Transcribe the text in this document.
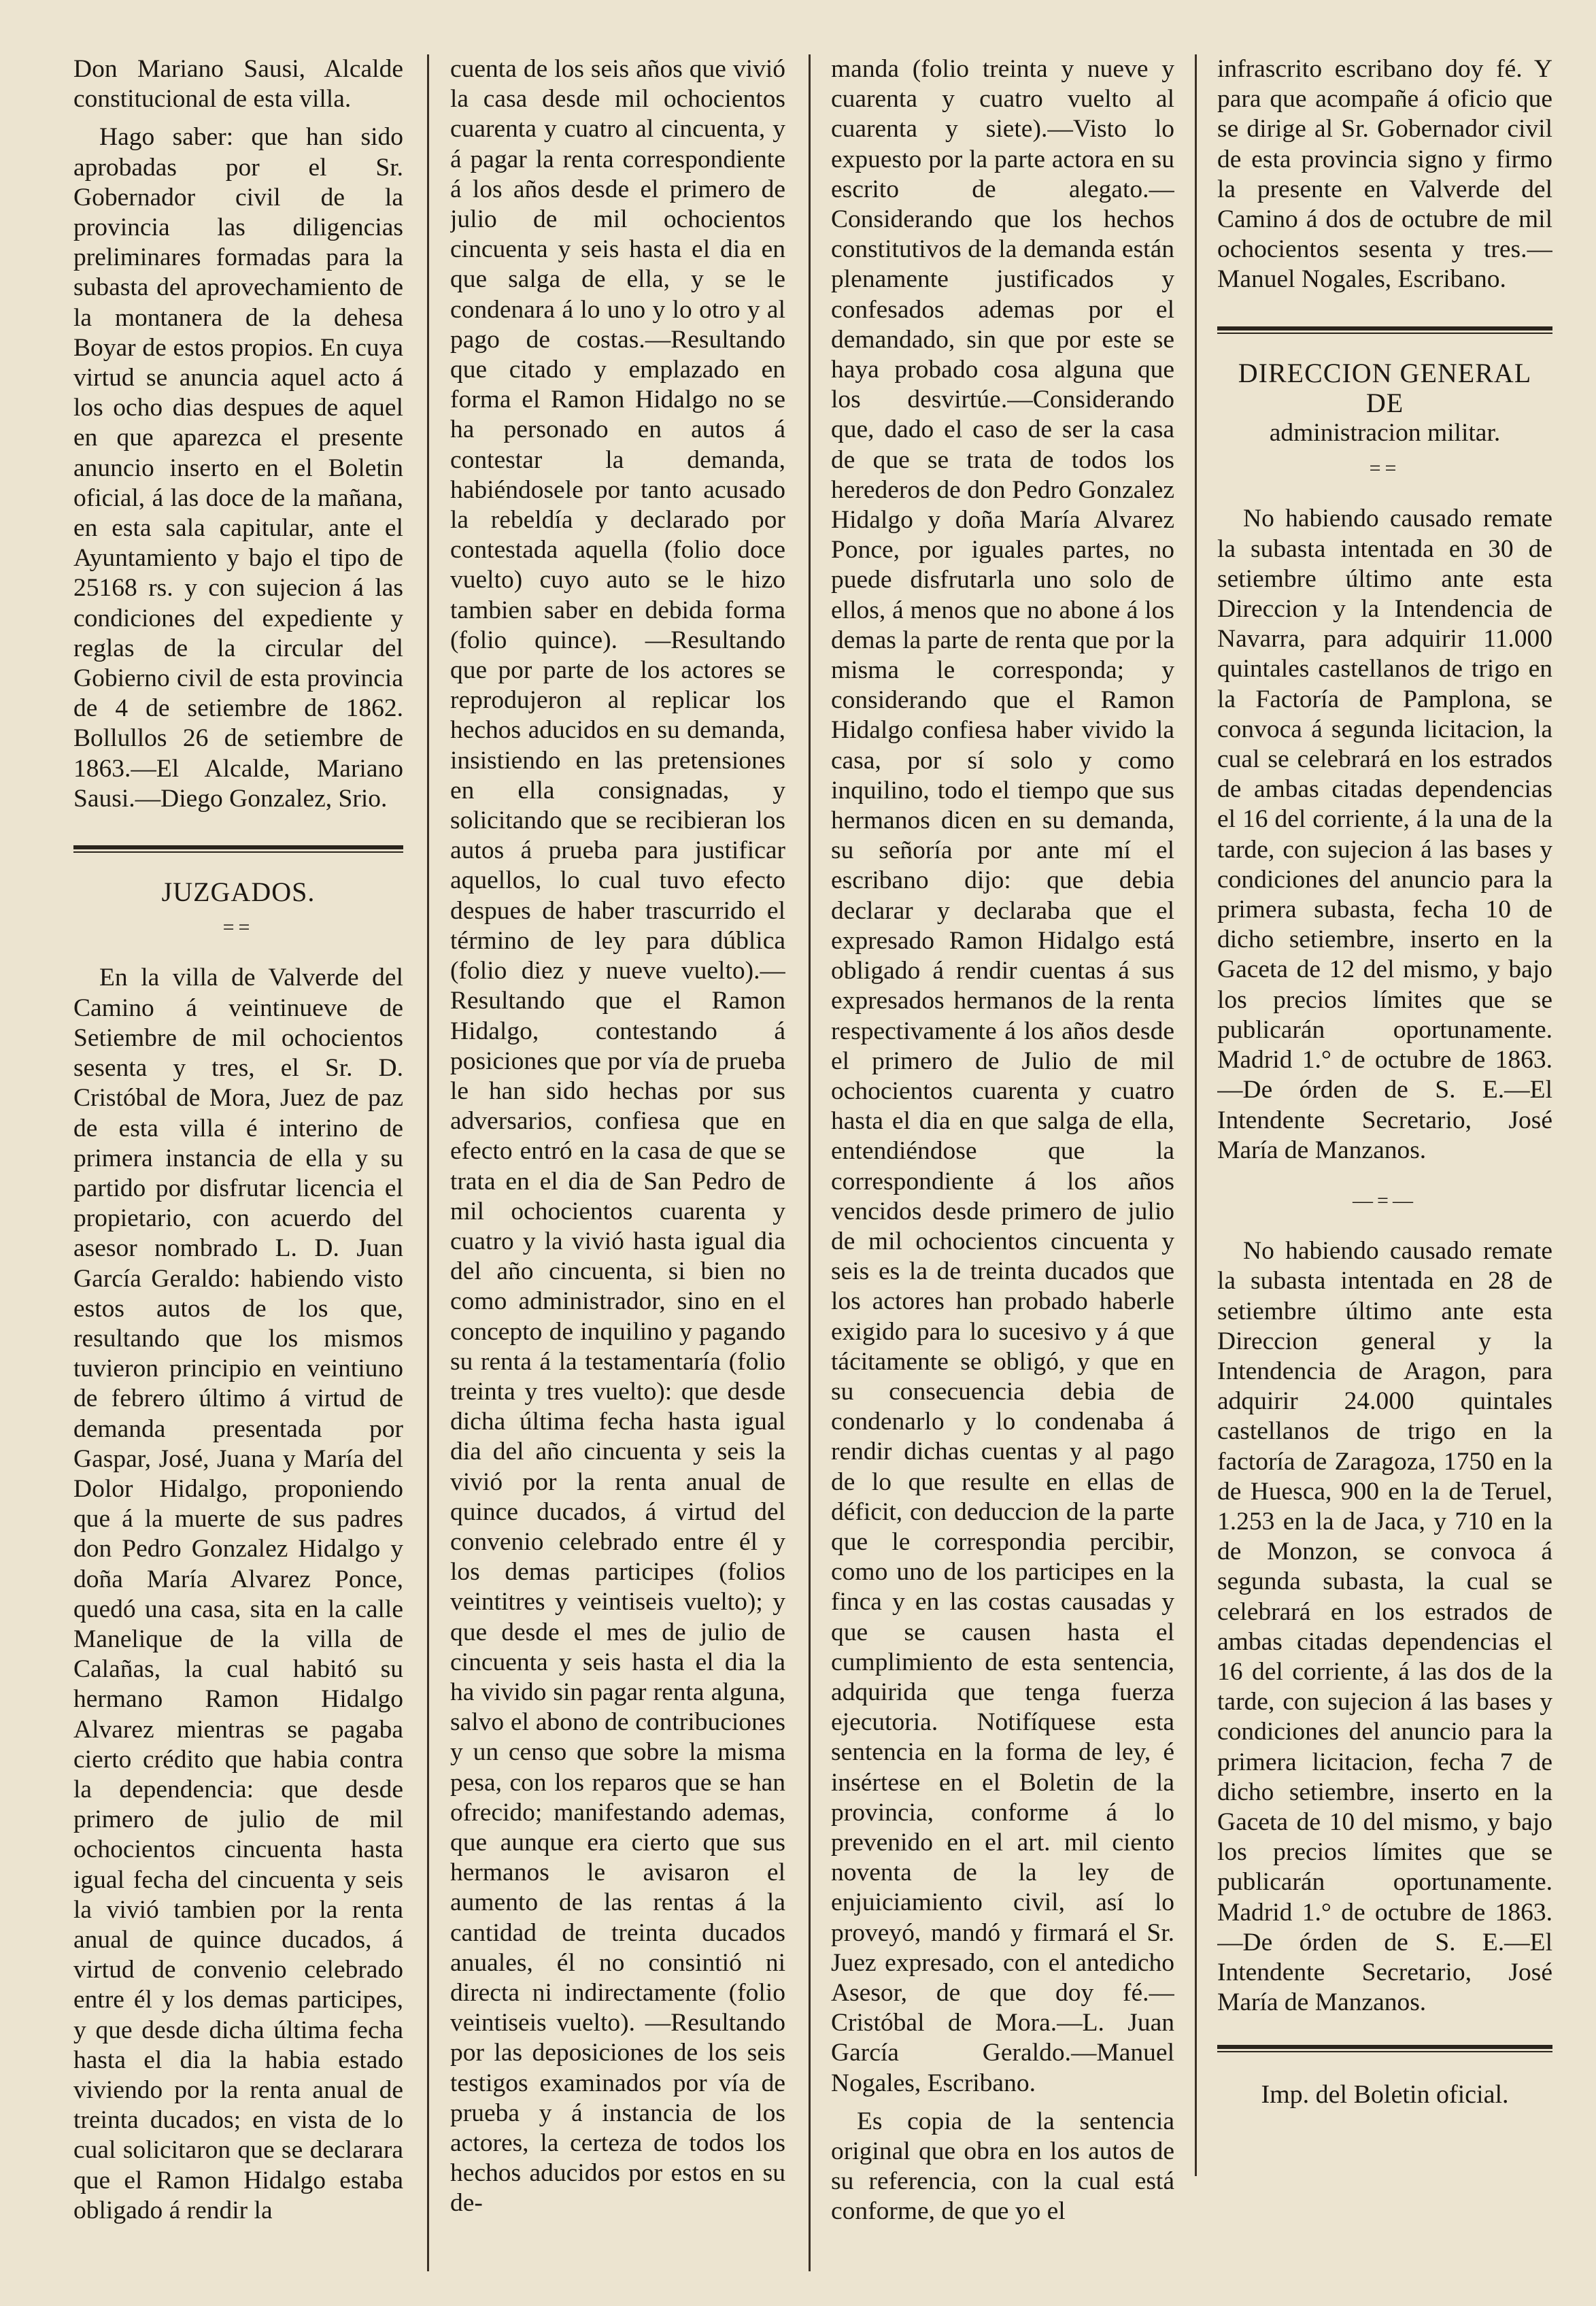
Don Mariano Sausi, Alcalde constitucional de esta villa.

Hago saber: que han sido aprobadas por el Sr. Gobernador civil de la provincia las diligencias preliminares formadas para la subasta del aprovechamiento de la montanera de la dehesa Boyar de estos propios. En cuya virtud se anuncia aquel acto á los ocho dias despues de aquel en que aparezca el presente anuncio inserto en el Boletin oficial, á las doce de la mañana, en esta sala capitular, ante el Ayuntamiento y bajo el tipo de 25168 rs. y con sujecion á las condiciones del expediente y reglas de la circular del Gobierno civil de esta provincia de 4 de setiembre de 1862. Bollullos 26 de setiembre de 1863.—El Alcalde, Mariano Sausi.—Diego Gonzalez, Srio.

JUZGADOS.
==

En la villa de Valverde del Camino á veintinueve de Setiembre de mil ochocientos sesenta y tres, el Sr. D. Cristóbal de Mora, Juez de paz de esta villa é interino de primera instancia de ella y su partido por disfrutar licencia el propietario, con acuerdo del asesor nombrado L. D. Juan García Geraldo: habiendo visto estos autos de los que, resultando que los mismos tuvieron principio en veintiuno de febrero último á virtud de demanda presentada por Gaspar, José, Juana y María del Dolor Hidalgo, proponiendo que á la muerte de sus padres don Pedro Gonzalez Hidalgo y doña María Alvarez Ponce, quedó una casa, sita en la calle Manelique de la villa de Calañas, la cual habitó su hermano Ramon Hidalgo Alvarez mientras se pagaba cierto crédito que habia contra la dependencia: que desde primero de julio de mil ochocientos cincuenta hasta igual fecha del cincuenta y seis la vivió tambien por la renta anual de quince ducados, á virtud de convenio celebrado entre él y los demas participes, y que desde dicha última fecha hasta el dia la habia estado viviendo por la renta anual de treinta ducados; en vista de lo cual solicitaron que se declarara que el Ramon Hidalgo estaba obligado á rendir la

cuenta de los seis años que vivió la casa desde mil ochocientos cuarenta y cuatro al cincuenta, y á pagar la renta correspondiente á los años desde el primero de julio de mil ochocientos cincuenta y seis hasta el dia en que salga de ella, y se le condenara á lo uno y lo otro y al pago de costas.—Resultando que citado y emplazado en forma el Ramon Hidalgo no se ha personado en autos á contestar la demanda, habiéndosele por tanto acusado la rebeldía y declarado por contestada aquella (folio doce vuelto) cuyo auto se le hizo tambien saber en debida forma (folio quince). —Resultando que por parte de los actores se reprodujeron al replicar los hechos aducidos en su demanda, insistiendo en las pretensiones en ella consignadas, y solicitando que se recibieran los autos á prueba para justificar aquellos, lo cual tuvo efecto despues de haber trascurrido el término de ley para dública (folio diez y nueve vuelto).—Resultando que el Ramon Hidalgo, contestando á posiciones que por vía de prueba le han sido hechas por sus adversarios, confiesa que en efecto entró en la casa de que se trata en el dia de San Pedro de mil ochocientos cuarenta y cuatro y la vivió hasta igual dia del año cincuenta, si bien no como administrador, sino en el concepto de inquilino y pagando su renta á la testamentaría (folio treinta y tres vuelto): que desde dicha última fecha hasta igual dia del año cincuenta y seis la vivió por la renta anual de quince ducados, á virtud del convenio celebrado entre él y los demas participes (folios veintitres y veintiseis vuelto); y que desde el mes de julio de cincuenta y seis hasta el dia la ha vivido sin pagar renta alguna, salvo el abono de contribuciones y un censo que sobre la misma pesa, con los reparos que se han ofrecido; manifestando ademas, que aunque era cierto que sus hermanos le avisaron el aumento de las rentas á la cantidad de treinta ducados anuales, él no consintió ni directa ni indirectamente (folio veintiseis vuelto). —Resultando por las deposiciones de los seis testigos examinados por vía de prueba y á instancia de los actores, la certeza de todos los hechos aducidos por estos en su de-

manda (folio treinta y nueve y cuarenta y cuatro vuelto al cuarenta y siete).—Visto lo expuesto por la parte actora en su escrito de alegato.—Considerando que los hechos constitutivos de la demanda están plenamente justificados y confesados ademas por el demandado, sin que por este se haya probado cosa alguna que los desvirtúe.—Considerando que, dado el caso de ser la casa de que se trata de todos los herederos de don Pedro Gonzalez Hidalgo y doña María Alvarez Ponce, por iguales partes, no puede disfrutarla uno solo de ellos, á menos que no abone á los demas la parte de renta que por la misma le corresponda; y considerando que el Ramon Hidalgo confiesa haber vivido la casa, por sí solo y como inquilino, todo el tiempo que sus hermanos dicen en su demanda, su señoría por ante mí el escribano dijo: que debia declarar y declaraba que el expresado Ramon Hidalgo está obligado á rendir cuentas á sus expresados hermanos de la renta respectivamente á los años desde el primero de Julio de mil ochocientos cuarenta y cuatro hasta el dia en que salga de ella, entendiéndose que la correspondiente á los años vencidos desde primero de julio de mil ochocientos cincuenta y seis es la de treinta ducados que los actores han probado haberle exigido para lo sucesivo y á que tácitamente se obligó, y que en su consecuencia debia de condenarlo y lo condenaba á rendir dichas cuentas y al pago de lo que resulte en ellas de déficit, con deduccion de la parte que le correspondia percibir, como uno de los participes en la finca y en las costas causadas y que se causen hasta el cumplimiento de esta sentencia, adquirida que tenga fuerza ejecutoria. Notifíquese esta sentencia en la forma de ley, é insértese en el Boletin de la provincia, conforme á lo prevenido en el art. mil ciento noventa de la ley de enjuiciamiento civil, así lo proveyó, mandó y firmará el Sr. Juez expresado, con el antedicho Asesor, de que doy fé.—Cristóbal de Mora.—L. Juan García Geraldo.—Manuel Nogales, Escribano.

Es copia de la sentencia original que obra en los autos de su referencia, con la cual está conforme, de que yo el

infrascrito escribano doy fé. Y para que acompañe á oficio que se dirige al Sr. Gobernador civil de esta provincia signo y firmo la presente en Valverde del Camino á dos de octubre de mil ochocientos sesenta y tres.—Manuel Nogales, Escribano.

DIRECCION GENERAL DE
administracion militar.
==

No habiendo causado remate la subasta intentada en 30 de setiembre último ante esta Direccion y la Intendencia de Navarra, para adquirir 11.000 quintales castellanos de trigo en la Factoría de Pamplona, se convoca á segunda licitacion, la cual se celebrará en los estrados de ambas citadas dependencias el 16 del corriente, á la una de la tarde, con sujecion á las bases y condiciones del anuncio para la primera subasta, fecha 10 de dicho setiembre, inserto en la Gaceta de 12 del mismo, y bajo los precios límites que se publicarán oportunamente. Madrid 1.° de octubre de 1863.—De órden de S. E.—El Intendente Secretario, José María de Manzanos.

—=—

No habiendo causado remate la subasta intentada en 28 de setiembre último ante esta Direccion general y la Intendencia de Aragon, para adquirir 24.000 quintales castellanos de trigo en la factoría de Zaragoza, 1750 en la de Huesca, 900 en la de Teruel, 1.253 en la de Jaca, y 710 en la de Monzon, se convoca á segunda subasta, la cual se celebrará en los estrados de ambas citadas dependencias el 16 del corriente, á las dos de la tarde, con sujecion á las bases y condiciones del anuncio para la primera licitacion, fecha 7 de dicho setiembre, inserto en la Gaceta de 10 del mismo, y bajo los precios límites que se publicarán oportunamente. Madrid 1.° de octubre de 1863.—De órden de S. E.—El Intendente Secretario, José María de Manzanos.

Imp. del Boletin oficial.
